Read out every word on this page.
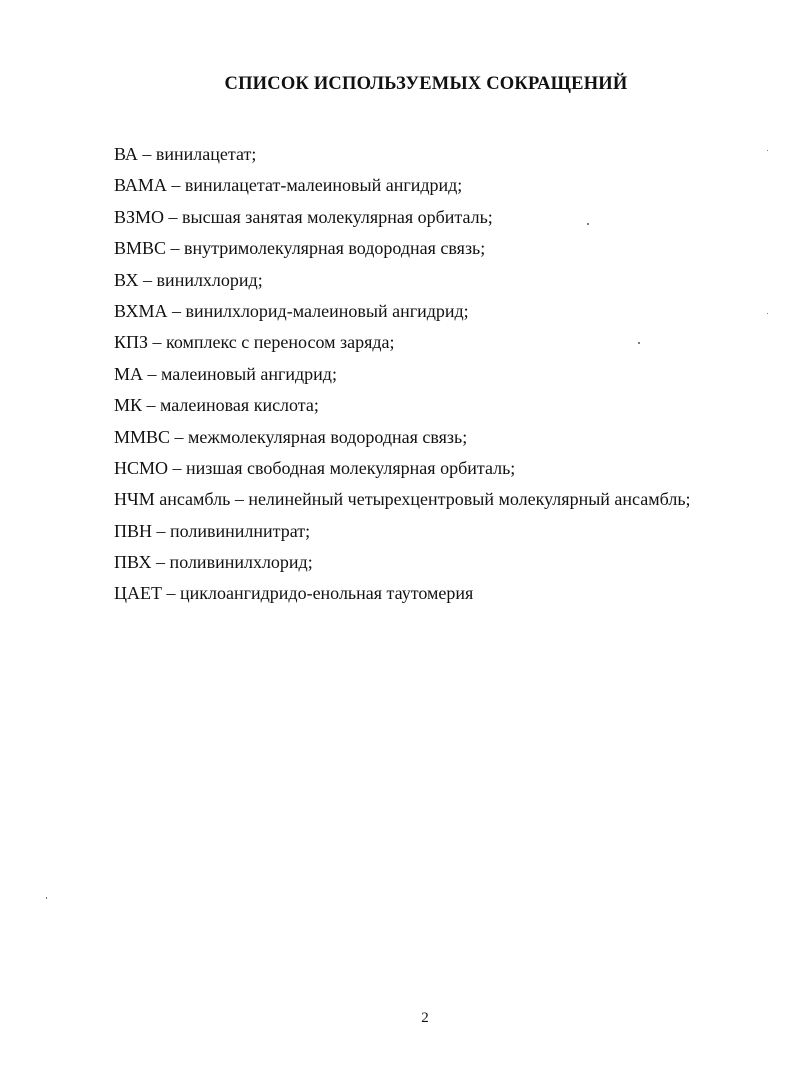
СПИСОК ИСПОЛЬЗУЕМЫХ СОКРАЩЕНИЙ
ВА – винилацетат;
ВАМА – винилацетат-малеиновый ангидрид;
ВЗМО – высшая занятая молекулярная орбиталь;
ВМВС – внутримолекулярная водородная связь;
ВХ – винилхлорид;
ВХМА – винилхлорид-малеиновый ангидрид;
КПЗ – комплекс с переносом заряда;
МА – малеиновый ангидрид;
МК – малеиновая кислота;
ММВС – межмолекулярная водородная связь;
НСМО – низшая свободная молекулярная орбиталь;
НЧМ ансамбль – нелинейный четырехцентровый молекулярный ансамбль;
ПВН – поливинилнитрат;
ПВХ – поливинилхлорид;
ЦАЕТ – циклоангидридо-енольная таутомерия
2
